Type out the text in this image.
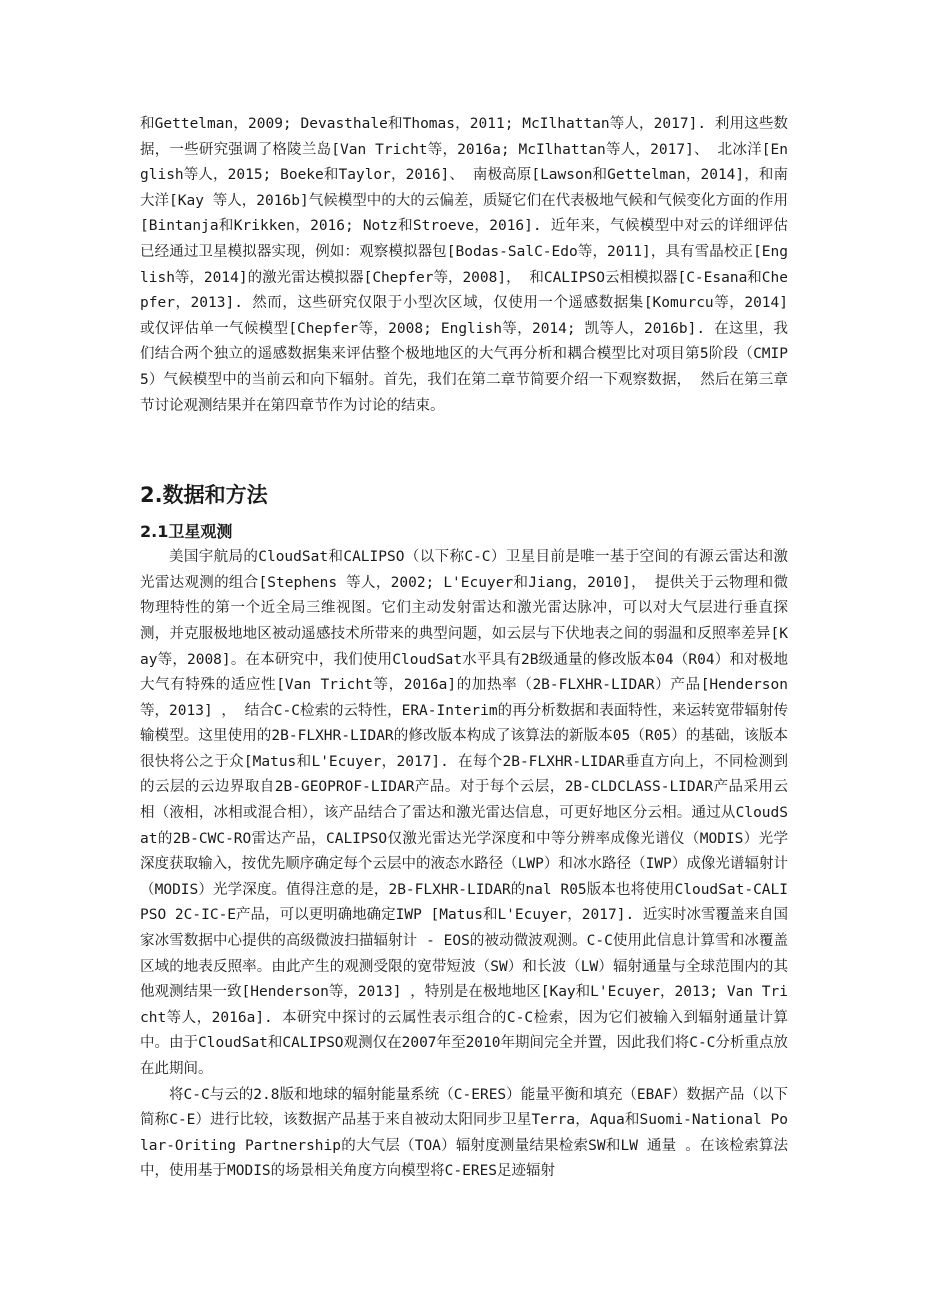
和Gettelman，2009; Devasthale和Thomas，2011; McIlhattan等人，2017]. 利用这些数据，一些研究强调了格陵兰岛[Van Tricht等，2016a; McIlhattan等人，2017]、 北冰洋[English等人，2015; Boeke和Taylor，2016]、 南极高原[Lawson和Gettelman，2014]，和南大洋[Kay 等人，2016b]气候模型中的大的云偏差，质疑它们在代表极地气候和气候变化方面的作用[Bintanja和Krikken，2016; Notz和Stroeve，2016]. 近年来，气候模型中对云的详细评估已经通过卫星模拟器实现，例如：观察模拟器包[Bodas-SalC-Edo等，2011]，具有雪晶校正[English等，2014]的激光雷达模拟器[Chepfer等，2008]， 和CALIPSO云相模拟器[C-Esana和Chepfer，2013]. 然而，这些研究仅限于小型次区域，仅使用一个遥感数据集[Komurcu等，2014] 或仅评估单一气候模型[Chepfer等，2008; English等，2014; 凯等人，2016b]. 在这里，我们结合两个独立的遥感数据集来评估整个极地地区的大气再分析和耦合模型比对项目第5阶段（CMIP5）气候模型中的当前云和向下辐射。首先，我们在第二章节简要介绍一下观察数据， 然后在第三章节讨论观测结果并在第四章节作为讨论的结束。

2.数据和方法
2.1卫星观测

美国宇航局的CloudSat和CALIPSO（以下称C-C）卫星目前是唯一基于空间的有源云雷达和激光雷达观测的组合[Stephens 等人，2002; L'Ecuyer和Jiang，2010]， 提供关于云物理和微物理特性的第一个近全局三维视图。它们主动发射雷达和激光雷达脉冲，可以对大气层进行垂直探测，并克服极地地区被动遥感技术所带来的典型问题，如云层与下伏地表之间的弱温和反照率差异[Kay等，2008]。在本研究中，我们使用CloudSat水平具有2B级通量的修改版本04（R04）和对极地大气有特殊的适应性[Van Tricht等，2016a]的加热率（2B-FLXHR-LIDAR）产品[Henderson等，2013] ， 结合C-C检索的云特性，ERA-Interim的再分析数据和表面特性，来运转宽带辐射传输模型。这里使用的2B-FLXHR-LIDAR的修改版本构成了该算法的新版本05（R05）的基础，该版本很快将公之于众[Matus和L'Ecuyer，2017]. 在每个2B-FLXHR-LIDAR垂直方向上，不同检测到的云层的云边界取自2B-GEOPROF-LIDAR产品。对于每个云层，2B-CLDCLASS-LIDAR产品采用云相（液相，冰相或混合相），该产品结合了雷达和激光雷达信息，可更好地区分云相。通过从CloudSat的2B-CWC-RO雷达产品，CALIPSO仅激光雷达光学深度和中等分辨率成像光谱仪（MODIS）光学深度获取输入，按优先顺序确定每个云层中的液态水路径（LWP）和冰水路径（IWP）成像光谱辐射计（MODIS）光学深度。值得注意的是，2B-FLXHR-LIDAR的nal R05版本也将使用CloudSat-CALIPSO 2C-IC-E产品，可以更明确地确定IWP [Matus和L'Ecuyer，2017]. 近实时冰雪覆盖来自国家冰雪数据中心提供的高级微波扫描辐射计 - EOS的被动微波观测。C-C使用此信息计算雪和冰覆盖区域的地表反照率。由此产生的观测受限的宽带短波（SW）和长波（LW）辐射通量与全球范围内的其他观测结果一致[Henderson等，2013] ，特别是在极地地区[Kay和L'Ecuyer，2013; Van Tricht等人，2016a]. 本研究中探讨的云属性表示组合的C-C检索，因为它们被输入到辐射通量计算中。由于CloudSat和CALIPSO观测仅在2007年至2010年期间完全并置，因此我们将C-C分析重点放在此期间。

将C-C与云的2.8版和地球的辐射能量系统（C-ERES）能量平衡和填充（EBAF）数据产品（以下简称C-E）进行比较，该数据产品基于来自被动太阳同步卫星Terra，Aqua和Suomi-National Polar-Oriting Partnership的大气层（TOA）辐射度测量结果检索SW和LW 通量 。在该检索算法中，使用基于MODIS的场景相关角度方向模型将C-ERES足迹辐射
